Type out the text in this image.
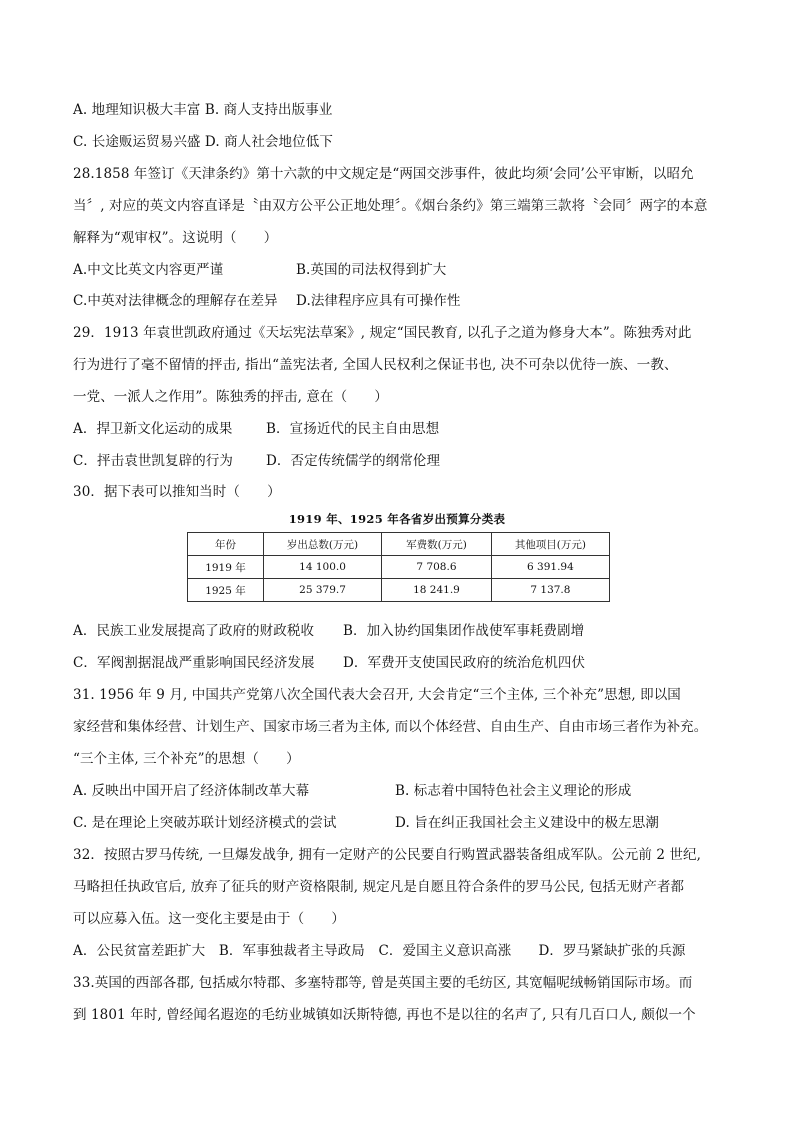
A. 地理知识极大丰富 B. 商人支持出版事业
C. 长途贩运贸易兴盛 D. 商人社会地位低下
28.1858 年签订《天津条约》第十六款的中文规定是“两国交涉事件，彼此均须‘会同’公平审断，以昭允
当〞, 对应的英文内容直译是〝由双方公平公正地处理〞。《烟台条约》第三端第三款将〝会同〞两字的本意
解释为“观审权”。这说明（　　）
A.中文比英文内容更严谨	B.英国的司法权得到扩大
C.中英对法律概念的理解存在差异 D.法律程序应具有可操作性
29．1913 年袁世凯政府通过《天坛宪法草案》, 规定“国民教育, 以孔子之道为修身大本”。陈独秀对此
行为进行了毫不留情的抨击, 指出“盖宪法者, 全国人民权利之保证书也, 决不可杂以优待一族、一教、
一党、一派人之作用”。陈独秀的抨击, 意在（　　）
A．捍卫新文化运动的成果 B．宣扬近代的民主自由思想
C．抨击袁世凯复辟的行为 D．否定传统儒学的纲常伦理
30．据下表可以推知当时（　　）
1919 年、1925 年各省岁出预算分类表
年份	岁出总数(万元)	军费数(万元)	其他项目(万元)
1919 年	14 100.0	7 708.6	6 391.94
1925 年	25 379.7	18 241.9	7 137.8
A．民族工业发展提高了政府的财政税收 B．加入协约国集团作战使军事耗费剧增
C．军阀割据混战严重影响国民经济发展 D．军费开支使国民政府的统治危机四伏
31. 1956 年 9 月, 中国共产党第八次全国代表大会召开, 大会肯定“三个主体, 三个补充”思想, 即以国
家经营和集体经营、计划生产、国家市场三者为主体, 而以个体经营、自由生产、自由市场三者作为补充。
“三个主体, 三个补充”的思想（　　）
A. 反映出中国开启了经济体制改革大幕	B. 标志着中国特色社会主义理论的形成
C. 是在理论上突破苏联计划经济模式的尝试	D. 旨在纠正我国社会主义建设中的极左思潮
32．按照古罗马传统, 一旦爆发战争, 拥有一定财产的公民要自行购置武器装备组成军队。公元前 2 世纪,
马略担任执政官后, 放弃了征兵的财产资格限制, 规定凡是自愿且符合条件的罗马公民, 包括无财产者都
可以应募入伍。这一变化主要是由于（　　）
A．公民贫富差距扩大　B．军事独裁者主导政局　C．爱国主义意识高涨　　D．罗马紧缺扩张的兵源
33.英国的西部各郡, 包括威尔特郡、多塞特郡等, 曾是英国主要的毛纺区, 其宽幅呢绒畅销国际市场。而
到 1801 年时, 曾经闻名遐迩的毛纺业城镇如沃斯特德, 再也不是以往的名声了, 只有几百口人, 颇似一个
